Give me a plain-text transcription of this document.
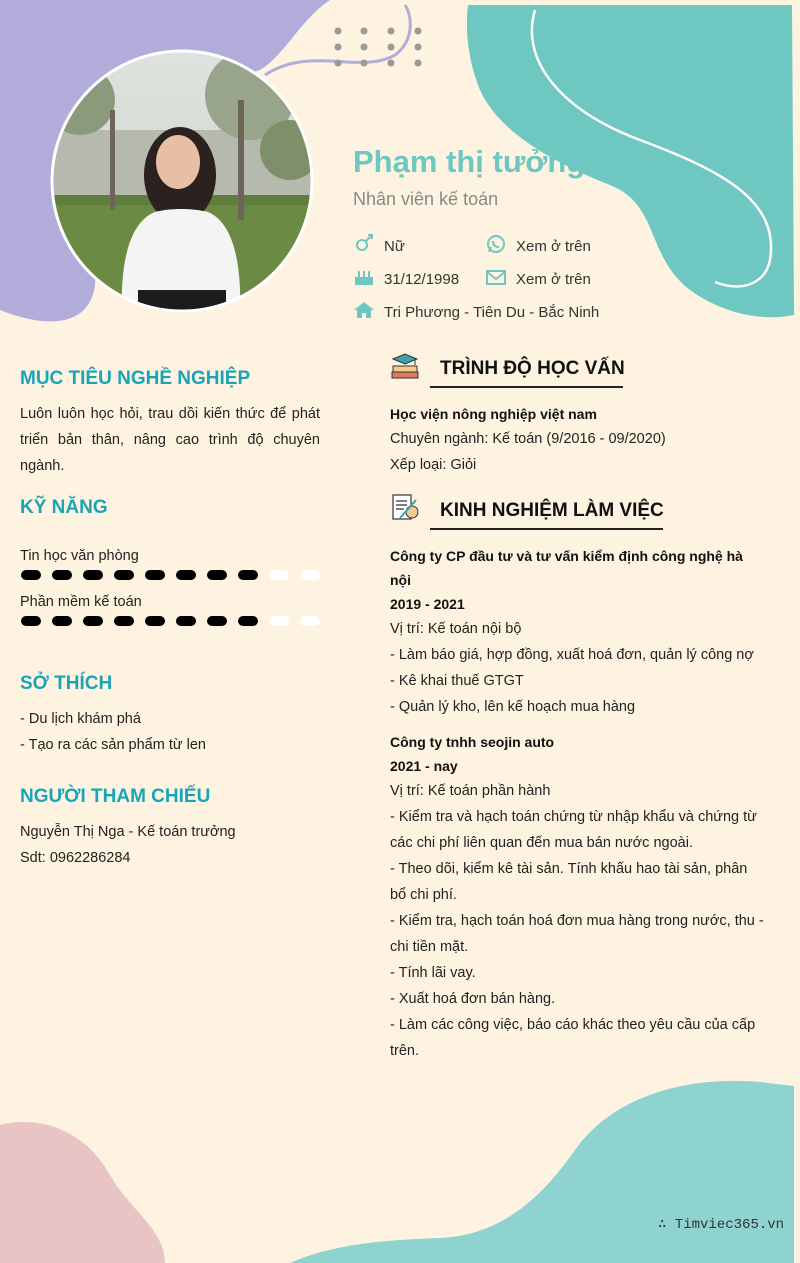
Phạm thị tưởng
Nhân viên kế toán
Nữ	Xem ở trên
31/12/1998	Xem ở trên
Tri Phương - Tiên Du - Bắc Ninh
MỤC TIÊU NGHỀ NGHIỆP
Luôn luôn học hỏi, trau dồi kiến thức để phát
triển bản thân, nâng cao trình độ chuyên
ngành.
KỸ NĂNG
Tin học văn phòng
Phần mềm kế toán
SỞ THÍCH
- Du lịch khám phá
- Tạo ra các sản phẩm từ len
NGƯỜI THAM CHIẾU
Nguyễn Thị Nga - Kế toán trưởng
Sdt: 0962286284
TRÌNH ĐỘ HỌC VẤN
Học viện nông nghiệp việt nam
Chuyên ngành: Kế toán (9/2016 - 09/2020)
Xếp loại: Giỏi
KINH NGHIỆM LÀM VIỆC
Công ty CP đầu tư và tư vấn kiểm định công nghệ hà
nội
2019 - 2021
Vị trí: Kế toán nội bộ
- Làm báo giá, hợp đồng, xuất hoá đơn, quản lý công nợ
- Kê khai thuế GTGT
- Quản lý kho, lên kế hoạch mua hàng
Công ty tnhh seojin auto
2021 - nay
Vị trí: Kế toán phần hành
- Kiểm tra và hạch toán chứng từ nhập khẩu và chứng từ
các chi phí liên quan đến mua bán nước ngoài.
- Theo dõi, kiểm kê tài sản. Tính khấu hao tài sản, phân
bổ chi phí.
- Kiểm tra, hạch toán hoá đơn mua hàng trong nước, thu -
chi tiền mặt.
- Tính lãi vay.
- Xuất hoá đơn bán hàng.
- Làm các công việc, báo cáo khác theo yêu cầu của cấp
trên.
∴ Timviec365.vn
